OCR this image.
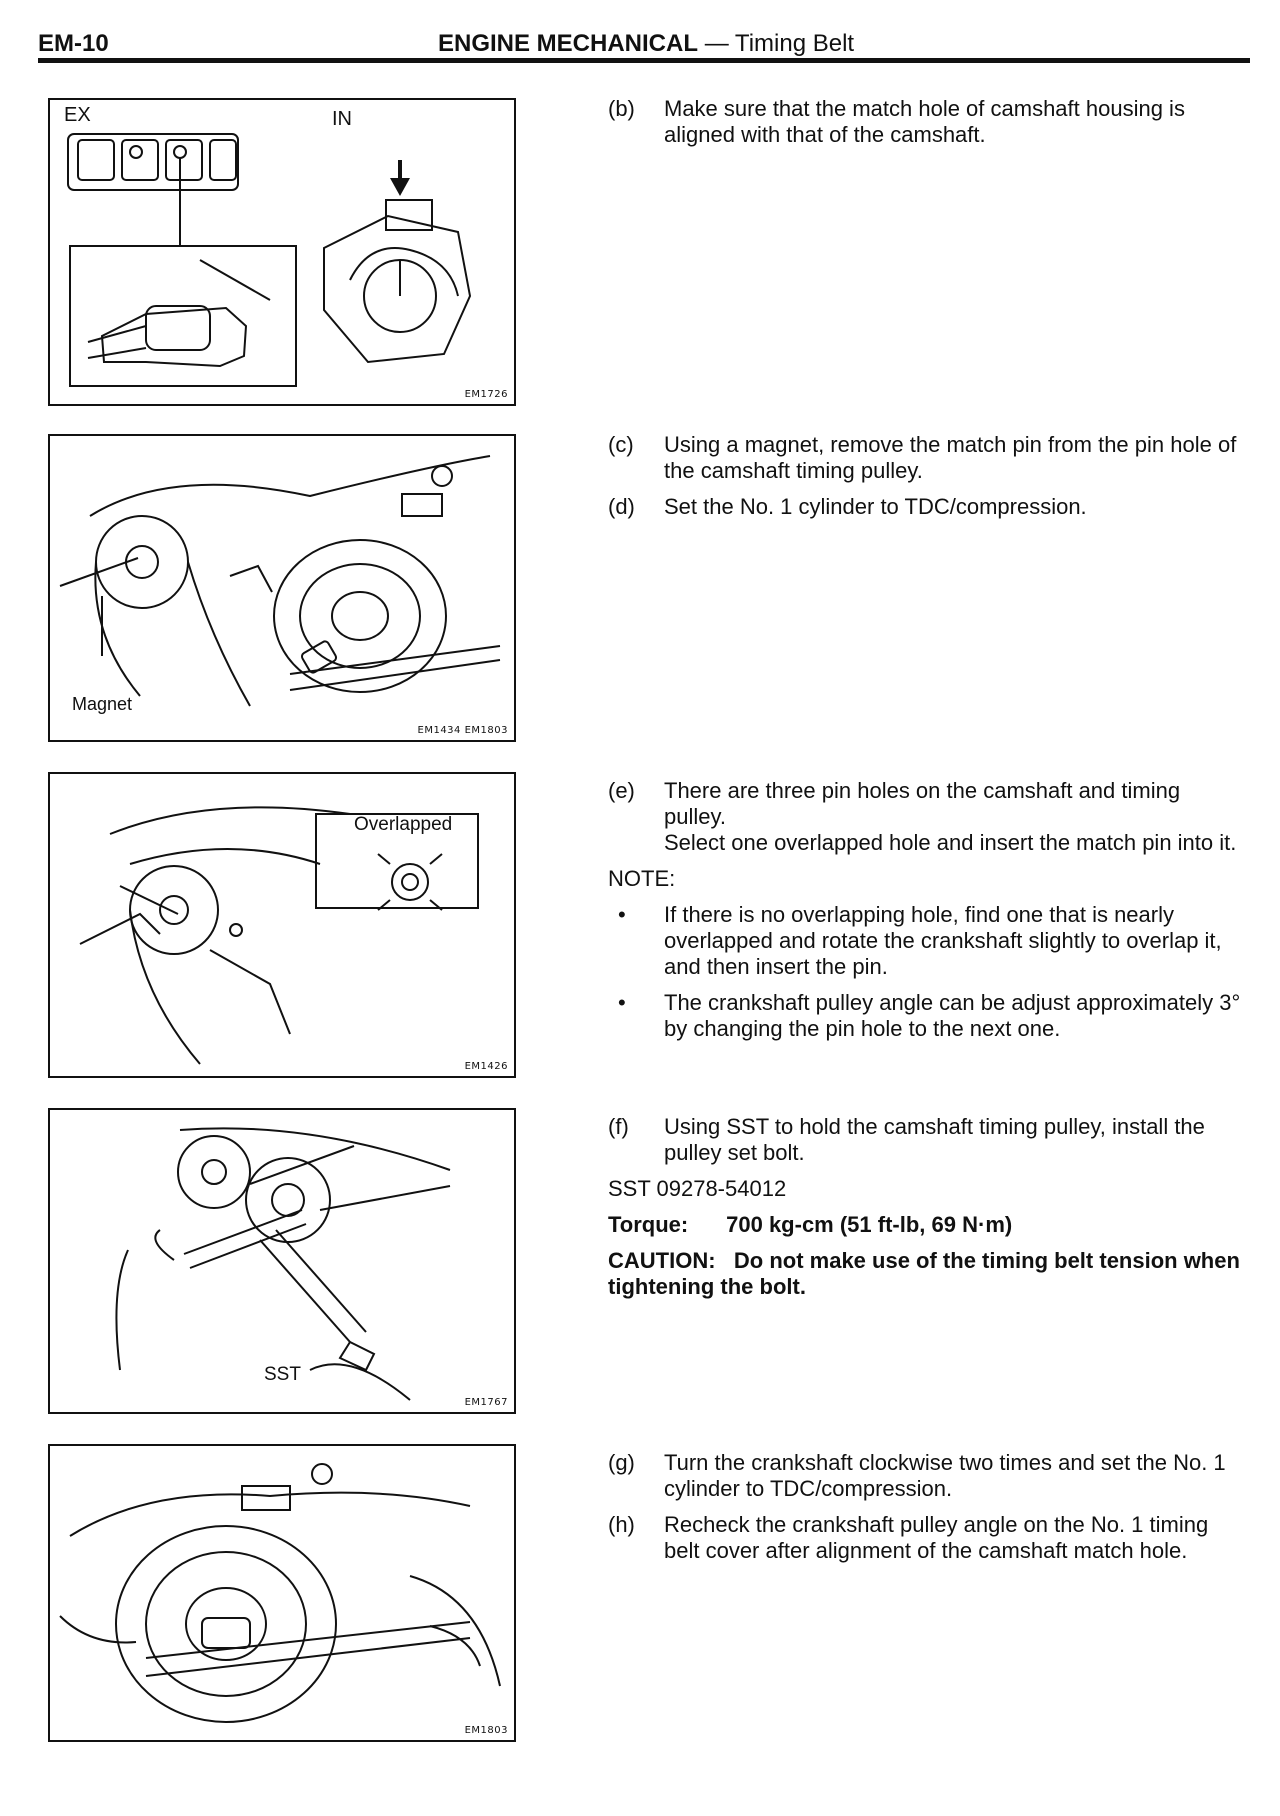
EM-10	ENGINE MECHANICAL — Timing Belt
EX	IN
EM1726
Magnet
EM1434 EM1803
Overlapped
EM1426
SST
EM1767
EM1803
(b) Make sure that the match hole of camshaft housing is aligned with that of the camshaft.
(c) Using a magnet, remove the match pin from the pin hole of the camshaft timing pulley.
(d) Set the No. 1 cylinder to TDC/compression.
(e) There are three pin holes on the camshaft and timing pulley.
Select one overlapped hole and insert the match pin into it.
NOTE:
• If there is no overlapping hole, find one that is nearly overlapped and rotate the crankshaft slightly to overlap it, and then insert the pin.
• The crankshaft pulley angle can be adjust approximately 3° by changing the pin hole to the next one.
(f) Using SST to hold the camshaft timing pulley, install the pulley set bolt.
SST 09278-54012
Torque: 700 kg-cm (51 ft-lb, 69 N·m)
CAUTION: Do not make use of the timing belt tension when tightening the bolt.
(g) Turn the crankshaft clockwise two times and set the No. 1 cylinder to TDC/compression.
(h) Recheck the crankshaft pulley angle on the No. 1 timing belt cover after alignment of the camshaft match hole.
